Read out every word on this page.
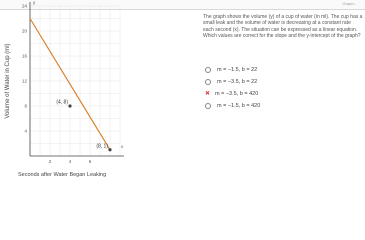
Graph...
y
x
4
8
12
16
20
24
2	4	6
(4, 8)
(8, 1)
Volume of Water in Cup (ml)
Seconds after Water Began Leaking

The graph shows the volume (y) of a cup of water (in ml). The cup has a small leak and the volume of water is decreasing at a constant rate each second (x). The situation can be expressed as a linear equation. Which values are correct for the slope and the y-intercept of the graph?

m = −1.5, b = 22
m = −3.5, b = 22
✖ m = −3.5, b = 420
m = −1.5, b = 420
